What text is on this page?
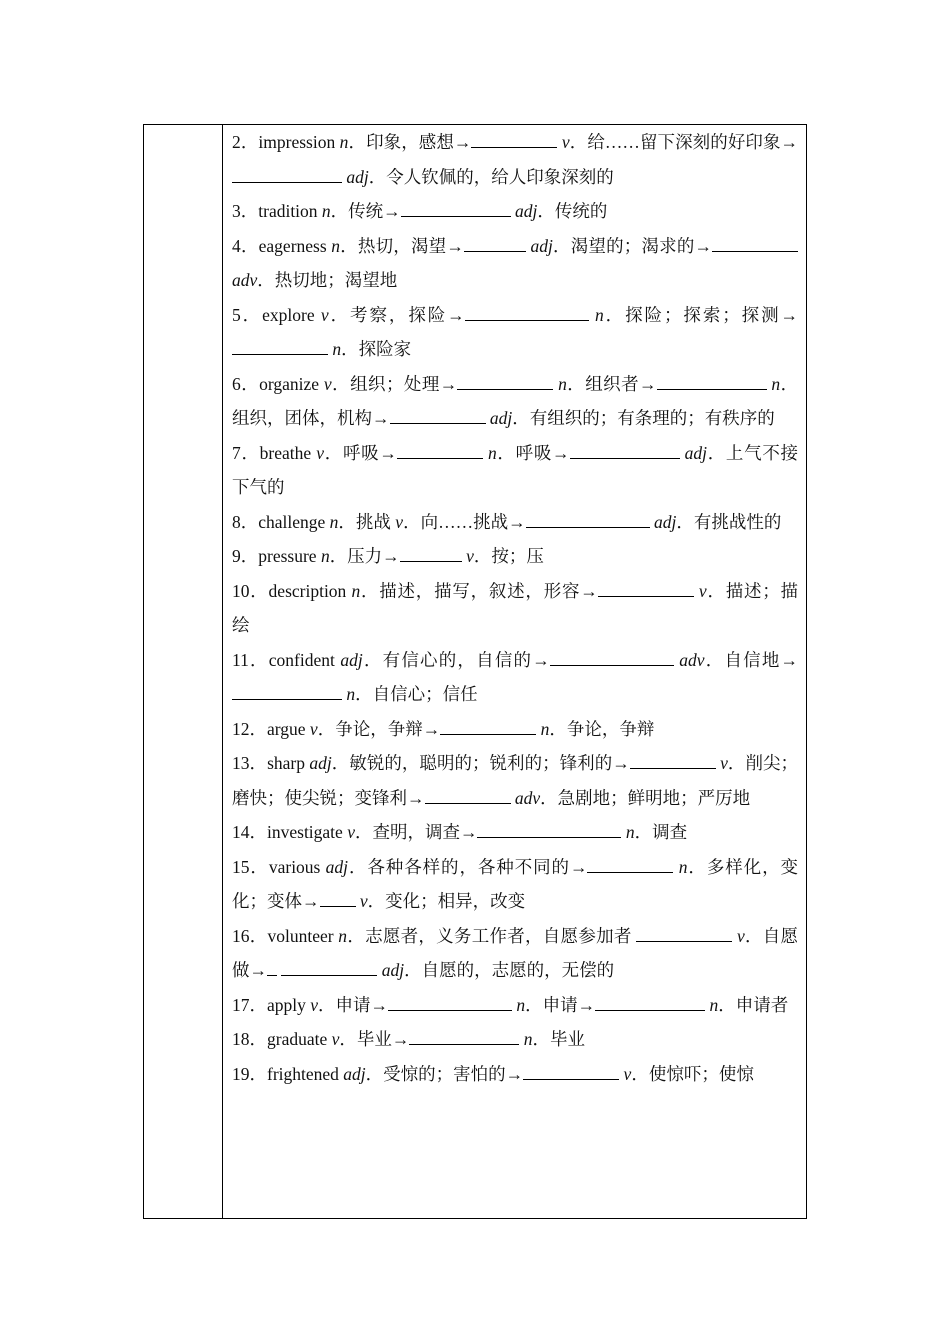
2．impression n．印象，感想→	v．给……留下深刻的好印象→ adj．令人钦佩的，给人印象深刻的
3．tradition n．传统→	adj．传统的
4．eagerness n．热切，渴望→	adj．渴望的；渴求的→ adv．热切地；渴望地
5．explore v．考察，探险→	n．探险；探索；探测→ n．探险家
6．organize v．组织；处理→	n．组织者→	n．组织，团体，机构→	adj．有组织的；有条理的；有秩序的
7．breathe v．呼吸→	n．呼吸→	adj．上气不接下气的
8．challenge n．挑战 v．向……挑战→	adj．有挑战性的
9．pressure n．压力→	v．按；压
10．description n．描述，描写，叙述，形容→	v．描述；描绘
11．confident adj．有信心的，自信的→	adv．自信地→ n．自信心；信任
12．argue v．争论，争辩→	n．争论，争辩
13．sharp adj．敏锐的，聪明的；锐利的；锋利的→	v．削尖；磨快；使尖锐；变锋利→	adv．急剧地；鲜明地；严厉地
14．investigate v．查明，调查→	n．调查
15．various adj．各种各样的，各种不同的→	n．多样化，变化；变体→ v．变化；相异，改变
16．volunteer n．志愿者，义务工作者，自愿参加者	v．自愿做→	adj．自愿的，志愿的，无偿的
17．apply v．申请→	n．申请→	n．申请者
18．graduate v．毕业→	n．毕业
19．frightened adj．受惊的；害怕的→	v．使惊吓；使惊
